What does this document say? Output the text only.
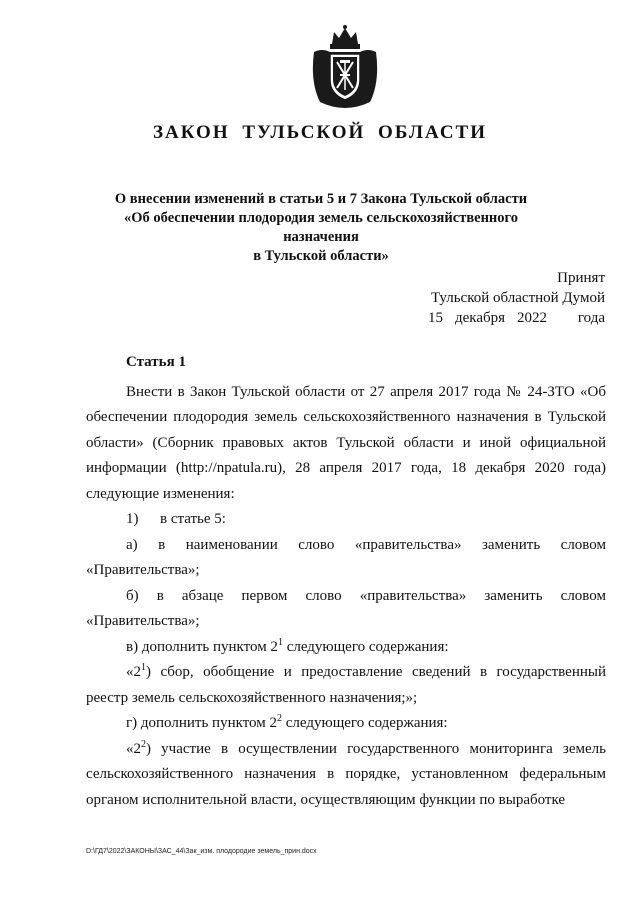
ЗАКОН ТУЛЬСКОЙ ОБЛАСТИ
О внесении изменений в статьи 5 и 7 Закона Тульской области
«Об обеспечении плодородия земель сельскохозяйственного назначения
в Тульской области»
Принят
Тульской областной Думой
15 декабря 2022	года

Статья 1

Внести в Закон Тульской области от 27 апреля 2017 года № 24-ЗТО «Об обеспечении плодородия земель сельскохозяйственного назначения в Тульской области» (Сборник правовых актов Тульской области и иной официальной информации (http://npatula.ru), 28 апреля 2017 года, 18 декабря 2020 года) следующие изменения:

1) в статье 5:

а) в наименовании слово «правительства» заменить словом

«Правительства»;

б) в абзаце первом слово «правительства» заменить словом

«Правительства»;

в) дополнить пунктом $2^1$ следующего содержания:

«$2^1$) сбор, обобщение и предоставление сведений в государственный реестр земель сельскохозяйственного назначения;»;

г) дополнить пунктом $2^2$ следующего содержания:

«$2^2$) участие в осуществлении государственного мониторинга земель сельскохозяйственного назначения в порядке, установленном федеральным органом исполнительной власти, осуществляющим функции по выработке

D:\ГД7\2022\ЗАКОНЫ\ЗАС_44\Зак_изм. плодородие земель_прин.docx
